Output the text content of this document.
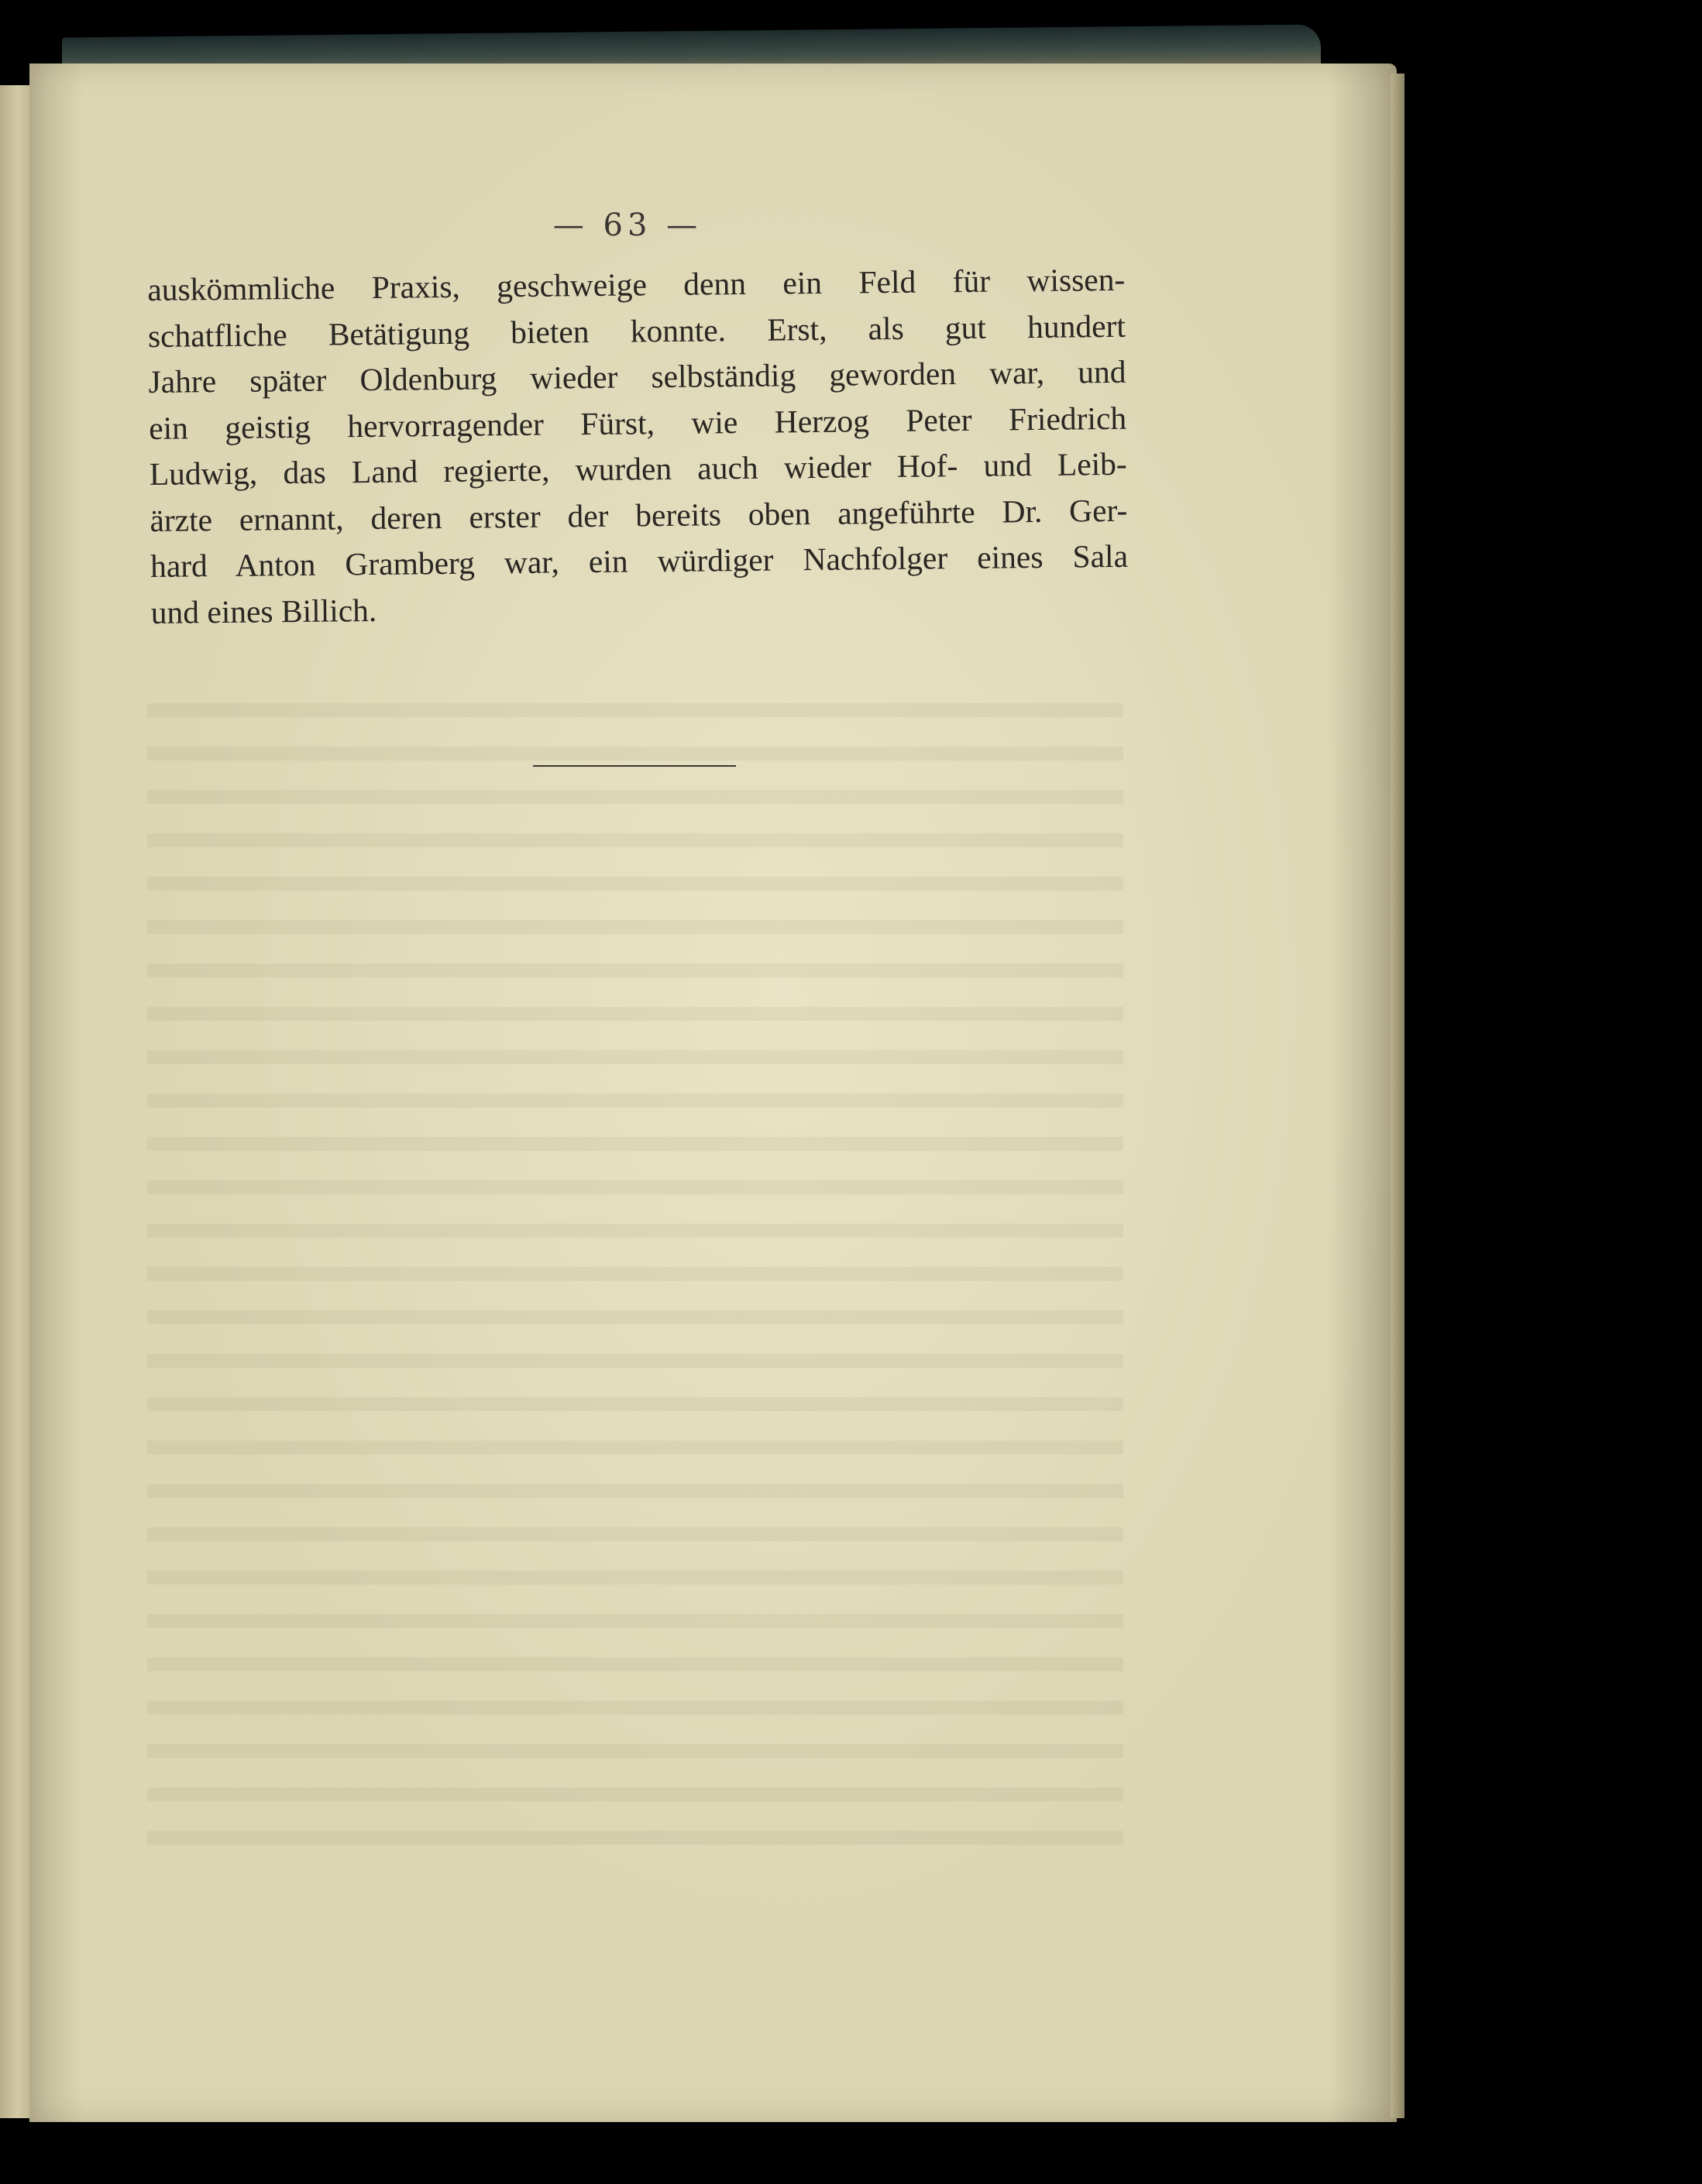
— 63 —
auskömmliche Praxis, geschweige denn ein Feld für wissen-
schatfliche Betätigung bieten konnte. Erst, als gut hundert
Jahre später Oldenburg wieder selbständig geworden war, und
ein geistig hervorragender Fürst, wie Herzog Peter Friedrich
Ludwig, das Land regierte, wurden auch wieder Hof- und Leib-
ärzte ernannt, deren erster der bereits oben angeführte Dr. Ger-
hard Anton Gramberg war, ein würdiger Nachfolger eines Sala
und eines Billich.
